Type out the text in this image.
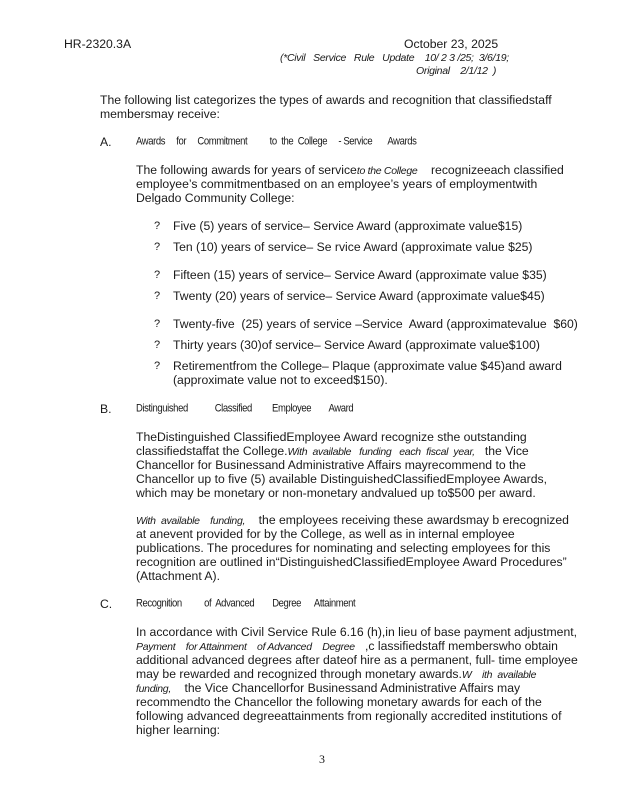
HR-2320.3A	October 23, 2025
(*Civil   Service   Rule   Update    10/ 2 3 /25;  3/6/19;
Original    2/1/12  )
The following list categorizes the types of awards and recognition that classifiedstaff
membersmay receive:
A.	Awards     for     Commitment          to  the  College     - Service       Awards
The following awards for years of serviceto the College recognizeeach classified
employee’s commitmentbased on an employee’s years of employmentwith
Delgado Community College:
? Five (5) years of service– Service Award (approximate value$15)
? Ten (10) years of service– Se rvice Award (approximate value $25)
? Fifteen (15) years of service– Service Award (approximate value $35)
? Twenty (20) years of service– Service Award (approximate value$45)
? Twenty-five  (25) years of service –Service  Award (approximatevalue  $60)
? Thirty years (30)of service– Service Award (approximate value$100)
? Retirementfrom the College– Plaque (approximate value $45)and award
(approximate value not to exceed$150).
B.	Distinguished            Classified         Employee        Award
TheDistinguished ClassifiedEmployee Award recognize sthe outstanding
classifiedstaffat the College.With  available   funding   each  fiscal  year, the Vice
Chancellor for Businessand Administrative Affairs mayrecommend to the
Chancellor up to five (5) available DistinguishedClassifiedEmployee Awards,
which may be monetary or non-monetary andvalued up to$500 per award.
With  available    funding, the employees receiving these awardsmay b erecognized
at anevent provided for by the College, as well as in internal employee
publications. The procedures for nominating and selecting employees for this
recognition are outlined in“DistinguishedClassifiedEmployee Award Procedures”
(Attachment A).
C.	Recognition          of  Advanced        Degree      Attainment
In accordance with Civil Service Rule 6.16 (h),in lieu of base payment adjustment,
Payment    for Attainment    of Advanced    Degree ,c lassifiedstaff memberswho obtain
additional advanced degrees after dateof hire as a permanent, full- time employee
may be rewarded and recognized through monetary awards.W    ith  available
funding, the Vice Chancellorfor Businessand Administrative Affairs may
recommendto the Chancellor the following monetary awards for each of the
following advanced degreeattainments from regionally accredited institutions of
higher learning:
3
